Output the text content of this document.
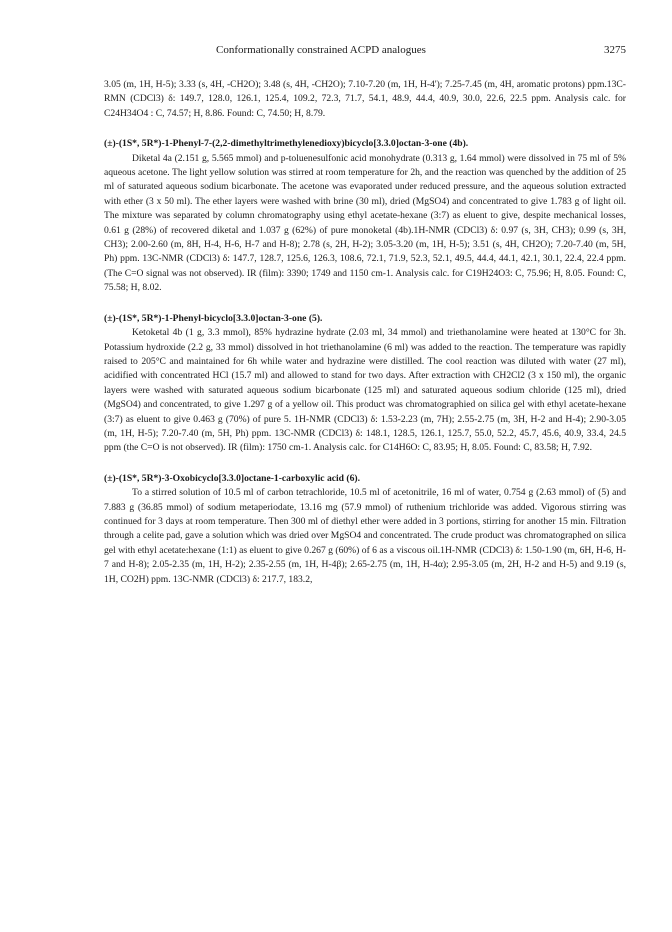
Conformationally constrained ACPD analogues	3275

3.05 (m, 1H, H-5); 3.33 (s, 4H, -CH2O); 3.48 (s, 4H, -CH2O); 7.10-7.20 (m, 1H, H-4'); 7.25-7.45 (m, 4H, aromatic protons) ppm.13C-RMN (CDCl3) δ: 149.7, 128.0, 126.1, 125.4, 109.2, 72.3, 71.7, 54.1, 48.9, 44.4, 40.9, 30.0, 22.6, 22.5 ppm. Analysis calc. for C24H34O4 : C, 74.57; H, 8.86. Found: C, 74.50; H, 8.79.

(±)-(1S*, 5R*)-1-Phenyl-7-(2,2-dimethyltrimethylenedioxy)bicyclo[3.3.0]octan-3-one (4b).

Diketal 4a (2.151 g, 5.565 mmol) and p-toluenesulfonic acid monohydrate (0.313 g, 1.64 mmol) were dissolved in 75 ml of 5% aqueous acetone. The light yellow solution was stirred at room temperature for 2h, and the reaction was quenched by the addition of 25 ml of saturated aqueous sodium bicarbonate. The acetone was evaporated under reduced pressure, and the aqueous solution extracted with ether (3 x 50 ml). The ether layers were washed with brine (30 ml), dried (MgSO4) and concentrated to give 1.783 g of light oil. The mixture was separated by column chromatography using ethyl acetate-hexane (3:7) as eluent to give, despite mechanical losses, 0.61 g (28%) of recovered diketal and 1.037 g (62%) of pure monoketal (4b).1H-NMR (CDCl3) δ: 0.97 (s, 3H, CH3); 0.99 (s, 3H, CH3); 2.00-2.60 (m, 8H, H-4, H-6, H-7 and H-8); 2.78 (s, 2H, H-2); 3.05-3.20 (m, 1H, H-5); 3.51 (s, 4H, CH2O); 7.20-7.40 (m, 5H, Ph) ppm. 13C-NMR (CDCl3) δ: 147.7, 128.7, 125.6, 126.3, 108.6, 72.1, 71.9, 52.3, 52.1, 49.5, 44.4, 44.1, 42.1, 30.1, 22.4, 22.4 ppm. (The C=O signal was not observed). IR (film): 3390; 1749 and 1150 cm-1. Analysis calc. for C19H24O3: C, 75.96; H, 8.05. Found: C, 75.58; H, 8.02.

(±)-(1S*, 5R*)-1-Phenyl-bicyclo[3.3.0]octan-3-one (5).

Ketoketal 4b (1 g, 3.3 mmol), 85% hydrazine hydrate (2.03 ml, 34 mmol) and triethanolamine were heated at 130°C for 3h. Potassium hydroxide (2.2 g, 33 mmol) dissolved in hot triethanolamine (6 ml) was added to the reaction. The temperature was rapidly raised to 205°C and maintained for 6h while water and hydrazine were distilled. The cool reaction was diluted with water (27 ml), acidified with concentrated HCl (15.7 ml) and allowed to stand for two days. After extraction with CH2Cl2 (3 x 150 ml), the organic layers were washed with saturated aqueous sodium bicarbonate (125 ml) and saturated aqueous sodium chloride (125 ml), dried (MgSO4) and concentrated, to give 1.297 g of a yellow oil. This product was chromatographied on silica gel with ethyl acetate-hexane (3:7) as eluent to give 0.463 g (70%) of pure 5. 1H-NMR (CDCl3) δ: 1.53-2.23 (m, 7H); 2.55-2.75 (m, 3H, H-2 and H-4); 2.90-3.05 (m, 1H, H-5); 7.20-7.40 (m, 5H, Ph) ppm. 13C-NMR (CDCl3) δ: 148.1, 128.5, 126.1, 125.7, 55.0, 52.2, 45.7, 45.6, 40.9, 33.4, 24.5 ppm (the C=O is not observed). IR (film): 1750 cm-1. Analysis calc. for C14H6O: C, 83.95; H, 8.05. Found: C, 83.58; H, 7.92.

(±)-(1S*, 5R*)-3-Oxobicyclo[3.3.0]octane-1-carboxylic acid (6).

To a stirred solution of 10.5 ml of carbon tetrachloride, 10.5 ml of acetonitrile, 16 ml of water, 0.754 g (2.63 mmol) of (5) and 7.883 g (36.85 mmol) of sodium metaperiodate, 13.16 mg (57.9 mmol) of ruthenium trichloride was added. Vigorous stirring was continued for 3 days at room temperature. Then 300 ml of diethyl ether were added in 3 portions, stirring for another 15 min. Filtration through a celite pad, gave a solution which was dried over MgSO4 and concentrated. The crude product was chromatographed on silica gel with ethyl acetate:hexane (1:1) as eluent to give 0.267 g (60%) of 6 as a viscous oil.1H-NMR (CDCl3) δ: 1.50-1.90 (m, 6H, H-6, H-7 and H-8); 2.05-2.35 (m, 1H, H-2); 2.35-2.55 (m, 1H, H-4β); 2.65-2.75 (m, 1H, H-4α); 2.95-3.05 (m, 2H, H-2 and H-5) and 9.19 (s, 1H, CO2H) ppm. 13C-NMR (CDCl3) δ: 217.7, 183.2,
